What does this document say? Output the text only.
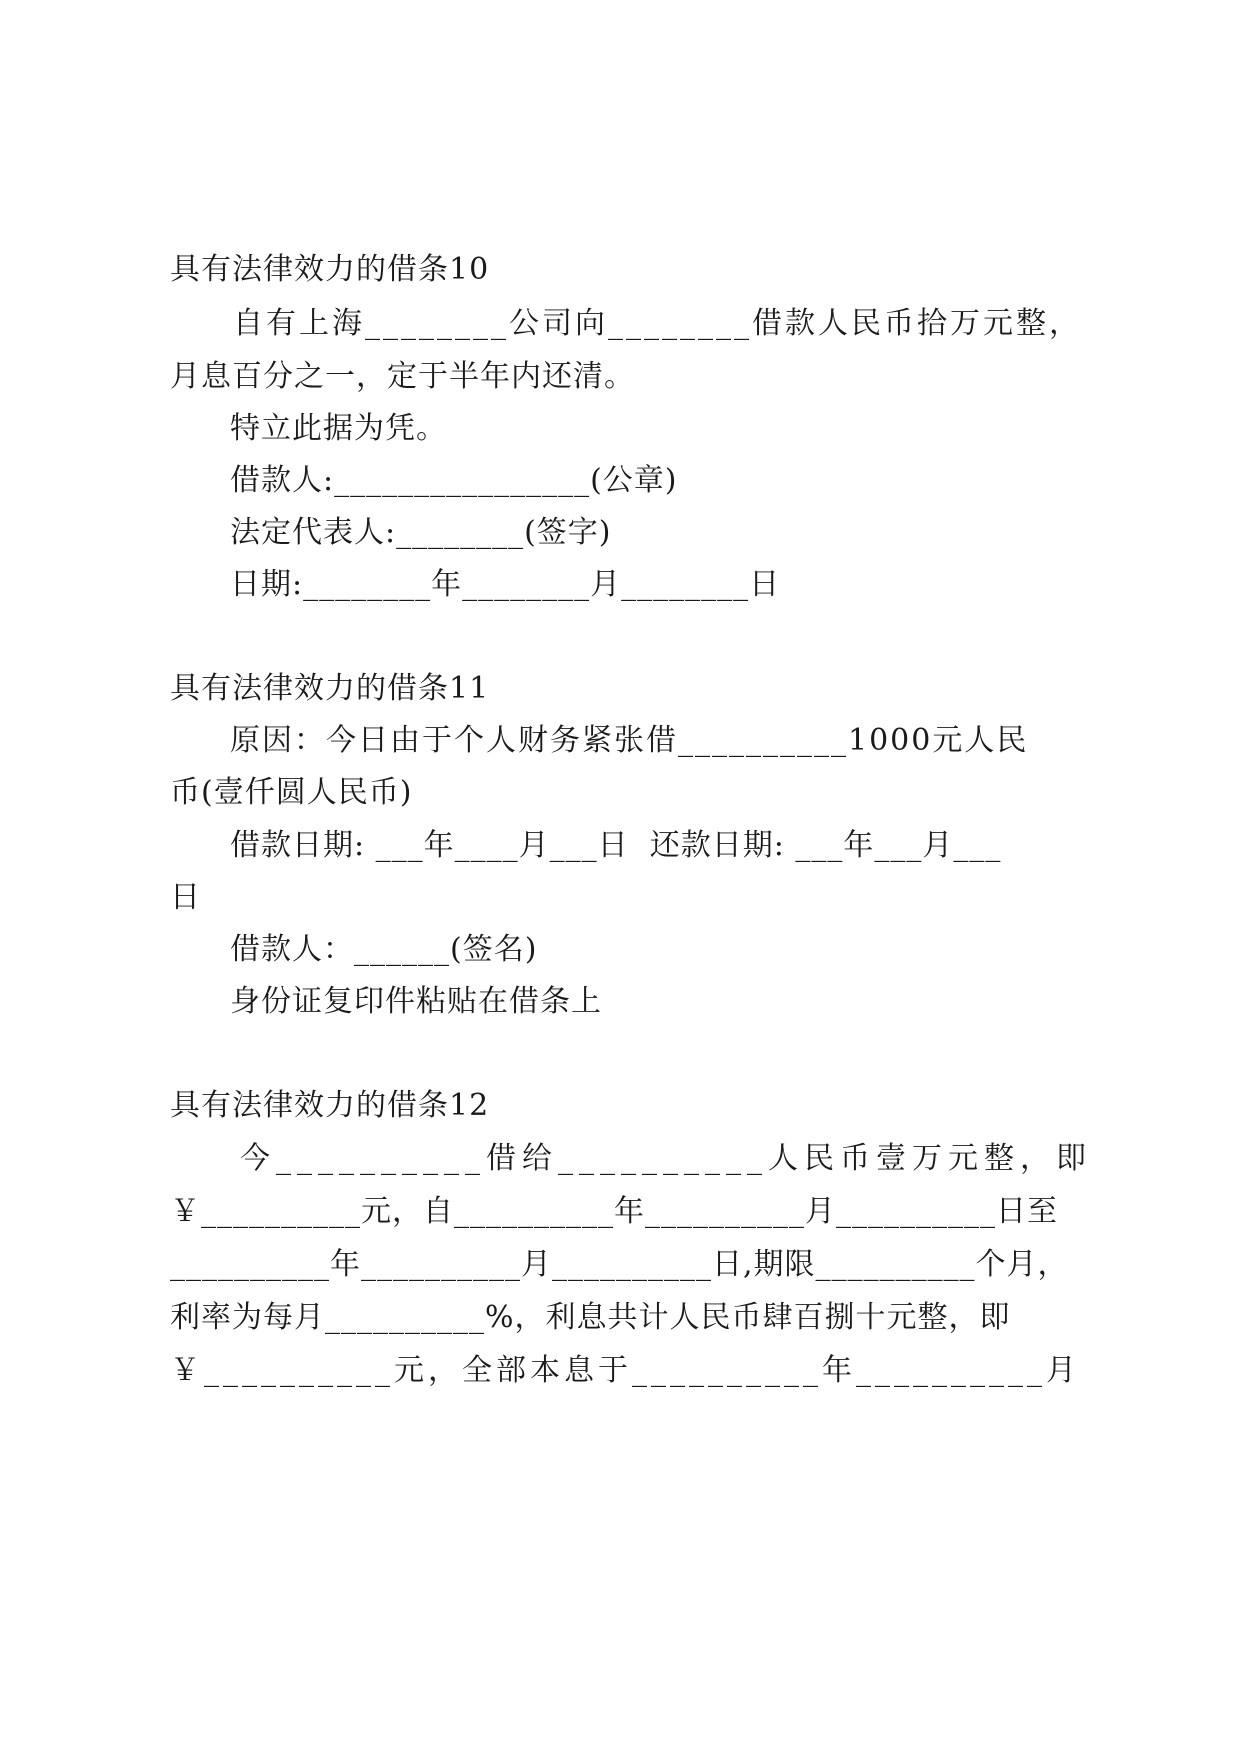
具有法律效力的借条10
自有上海________公司向________借款人民币拾万元整，
月息百分之一，定于半年内还清。
特立此据为凭。
借款人:________________(公章)
法定代表人:________(签字)
日期:________年________月________日
具有法律效力的借条11
原因：今日由于个人财务紧张借__________1000元人民
币(壹仟圆人民币)
借款日期: ___年____月___日  还款日期: ___年___月___
日
借款人：______(签名)
身份证复印件粘贴在借条上
具有法律效力的借条12
今__________借给__________人民币壹万元整，即
￥__________元，自__________年__________月__________日至
__________年__________月__________日,期限__________个月，
利率为每月__________%，利息共计人民币肆百捌十元整，即
￥__________元，全部本息于__________年__________月
